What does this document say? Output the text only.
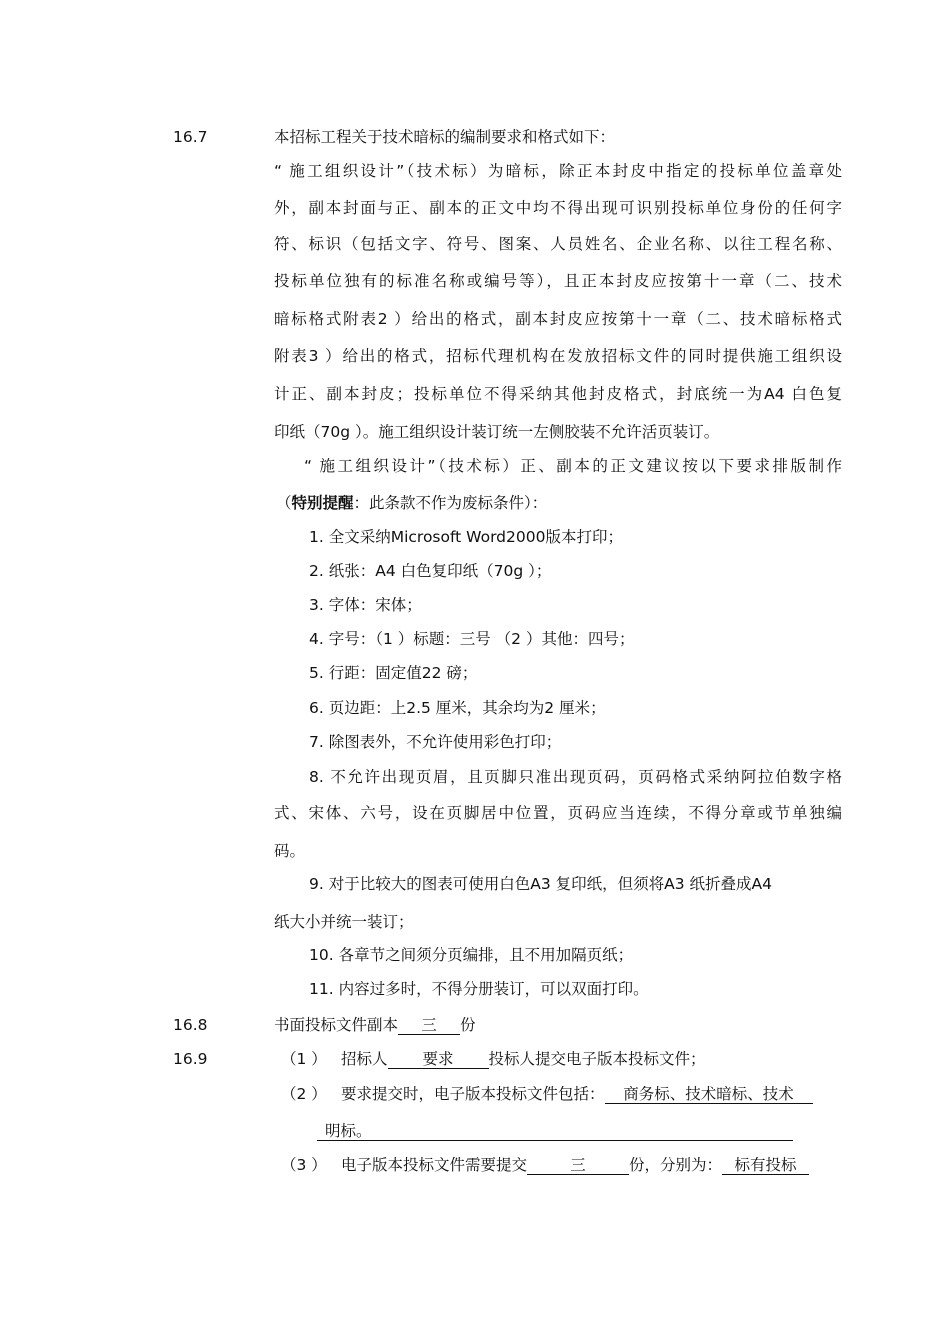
16.7	本招标工程关于技术暗标的编制要求和格式如下：
“ 施工组织设计”（技术标）为暗标，除正本封皮中指定的投标单位盖章处
外，副本封面与正、副本的正文中均不得出现可识别投标单位身份的任何字
符、标识（包括文字、符号、图案、人员姓名、企业名称、以往工程名称、
投标单位独有的标准名称或编号等），且正本封皮应按第十一章（二、技术
暗标格式附表2 ）给出的格式，副本封皮应按第十一章（二、技术暗标格式
附表3 ）给出的格式，招标代理机构在发放招标文件的同时提供施工组织设
计正、副本封皮；投标单位不得采纳其他封皮格式，封底统一为A4 白色复
印纸（70g ）。施工组织设计装订统一左侧胶装不允许活页装订。
“ 施工组织设计”（技术标）正、副本的正文建议按以下要求排版制作
（特别提醒：此条款不作为废标条件）：
1. 全文采纳Microsoft Word2000版本打印；
2. 纸张：A4 白色复印纸（70g ）；
3. 字体：宋体；
4. 字号：（1 ）标题：三号 （2 ）其他：四号；
5. 行距：固定值22 磅；
6. 页边距：上2.5 厘米，其余均为2 厘米；
7. 除图表外，不允许使用彩色打印；
8. 不允许出现页眉，且页脚只准出现页码，页码格式采纳阿拉伯数字格
式、宋体、六号，设在页脚居中位置，页码应当连续，不得分章或节单独编
码。
9. 对于比较大的图表可使用白色A3 复印纸，但须将A3 纸折叠成A4
纸大小并统一装订；
10. 各章节之间须分页编排，且不用加隔页纸；
11. 内容过多时，不得分册装订，可以双面打印。
16.8	书面投标文件副本 三 份
16.9	（1 ） 招标人 要求 投标人提交电子版本投标文件；
（2 ） 要求提交时，电子版本投标文件包括： 商务标、技术暗标、技术
明标。
（3 ） 电子版本投标文件需要提交	三	份，分别为： 标有投标
